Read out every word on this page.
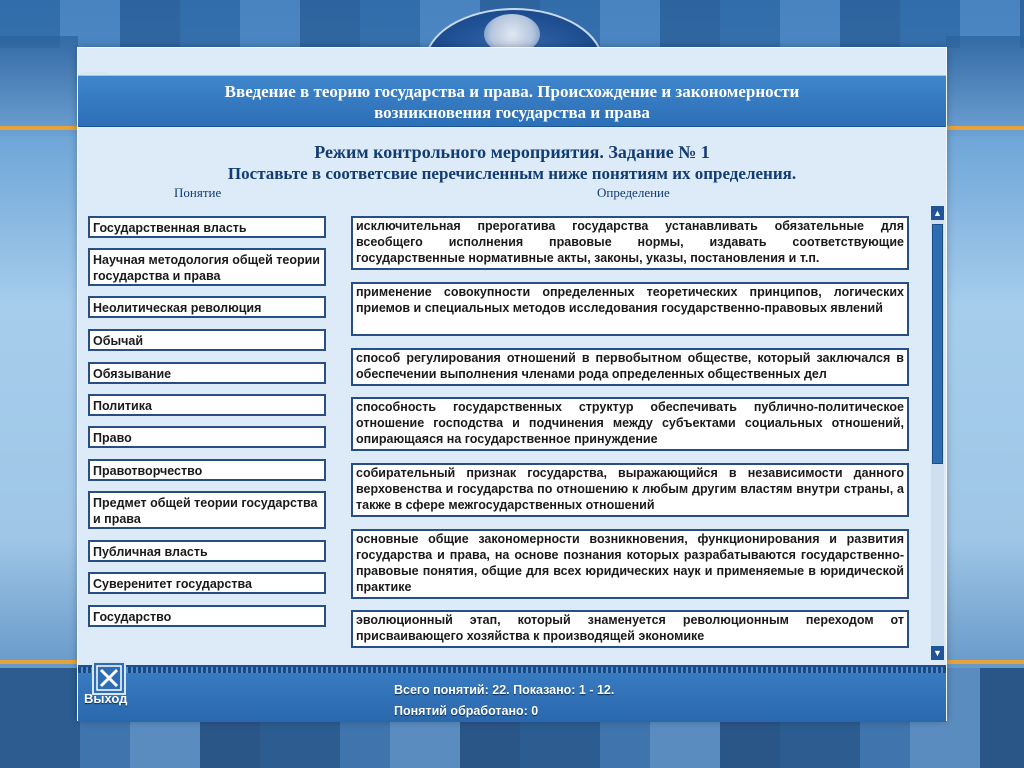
Введение в теорию государства и права. Происхождение и закономерности
возникновения государства и права
Режим контрольного мероприятия. Задание № 1
Поставьте в соответсвие перечисленным ниже понятиям их определения.
Понятие	Определение
Государственная власть
Научная методология общей теории государства и права
Неолитическая революция
Обычай
Обязывание
Политика
Право
Правотворчество
Предмет общей теории государства и права
Публичная власть
Суверенитет государства
Государство
исключительная прерогатива государства устанавливать обязательные для всеобщего исполнения правовые нормы, издавать соответствующие государственные нормативные акты, законы, указы, постановления и т.п.
применение совокупности определенных теоретических принципов, логических приемов и специальных методов исследования государственно-правовых явлений
способ регулирования отношений в первобытном обществе, который заключался в обеспечении выполнения членами рода определенных общественных дел
способность государственных структур обеспечивать публично-политическое отношение господства и подчинения между субъектами социальных отношений, опирающаяся на государственное принуждение
собирательный признак государства, выражающийся в независимости данного верховенства и государства по отношению к любым другим властям внутри страны, а также в сфере межгосударственных отношений
основные общие закономерности возникновения, функционирования и развития государства и права, на основе познания которых разрабатываются государственно-правовые понятия, общие для всех юридических наук и применяемые в юридической практике
эволюционный этап, который знаменуется революционным переходом от присваивающего хозяйства к производящей экономике
▲
▼
Выход
Всего понятий: 22. Показано: 1 - 12.
Понятий обработано: 0
